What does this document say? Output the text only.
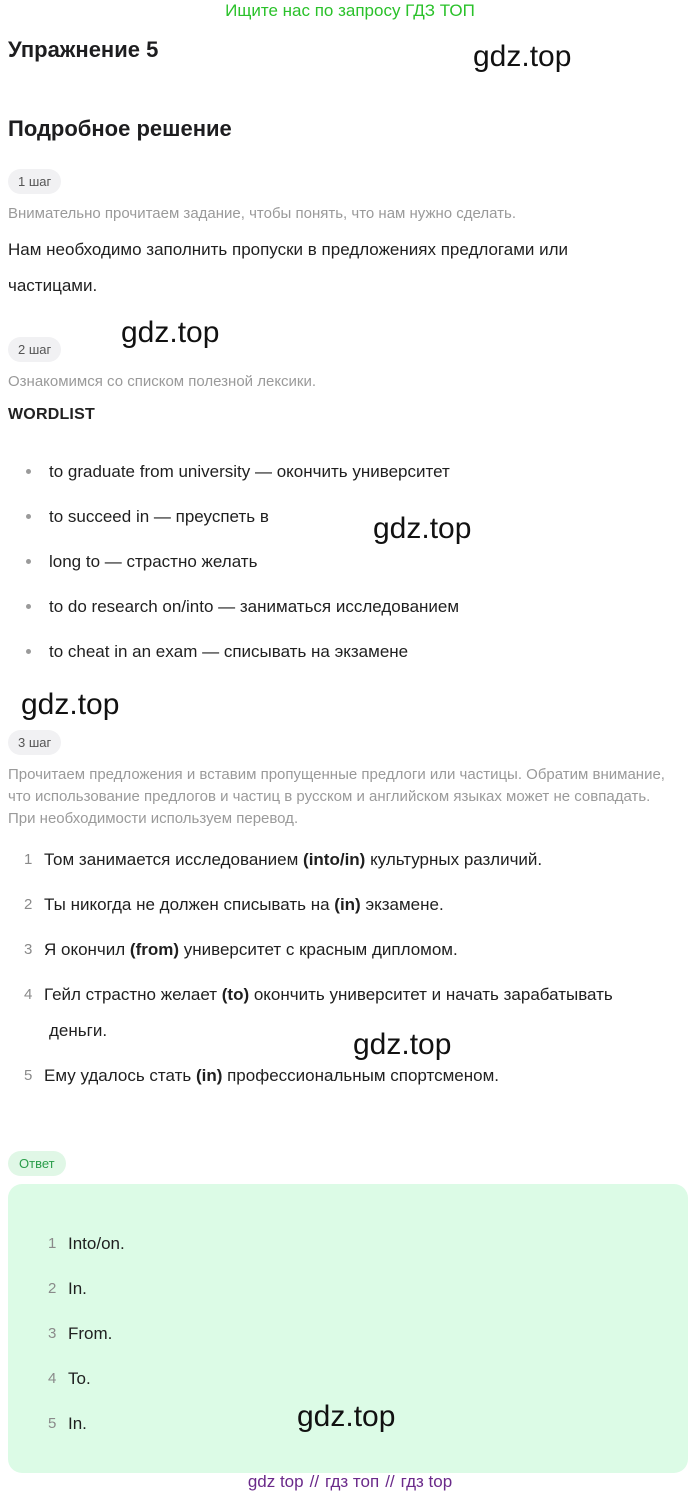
Ищите нас по запросу ГДЗ ТОП
Упражнение 5	gdz.top
Подробное решение
1 шаг
Внимательно прочитаем задание, чтобы понять, что нам нужно сделать.
Нам необходимо заполнить пропуски в предложениях предлогами или частицами.
gdz.top
2 шаг
Ознакомимся со списком полезной лексики.
WORDLIST
to graduate from university — окончить университет
to succeed in — преуспеть в
long to — страстно желать
to do research on/into — заниматься исследованием
to cheat in an exam — списывать на экзамене
gdz.top
gdz.top
3 шаг
Прочитаем предложения и вставим пропущенные предлоги или частицы. Обратим внимание, что использование предлогов и частиц в русском и английском языках может не совпадать. При необходимости используем перевод.
1 Том занимается исследованием (into/in) культурных различий.
2 Ты никогда не должен списывать на (in) экзамене.
3 Я окончил (from) университет с красным дипломом.
4 Гейл страстно желает (to) окончить университет и начать зарабатывать
деньги.
5 Ему удалось стать (in) профессиональным спортсменом.
gdz.top
Ответ
1 Into/on.
2 In.
3 From.
4 To.
5 In.	gdz.top
gdz top // гдз топ // гдз top
